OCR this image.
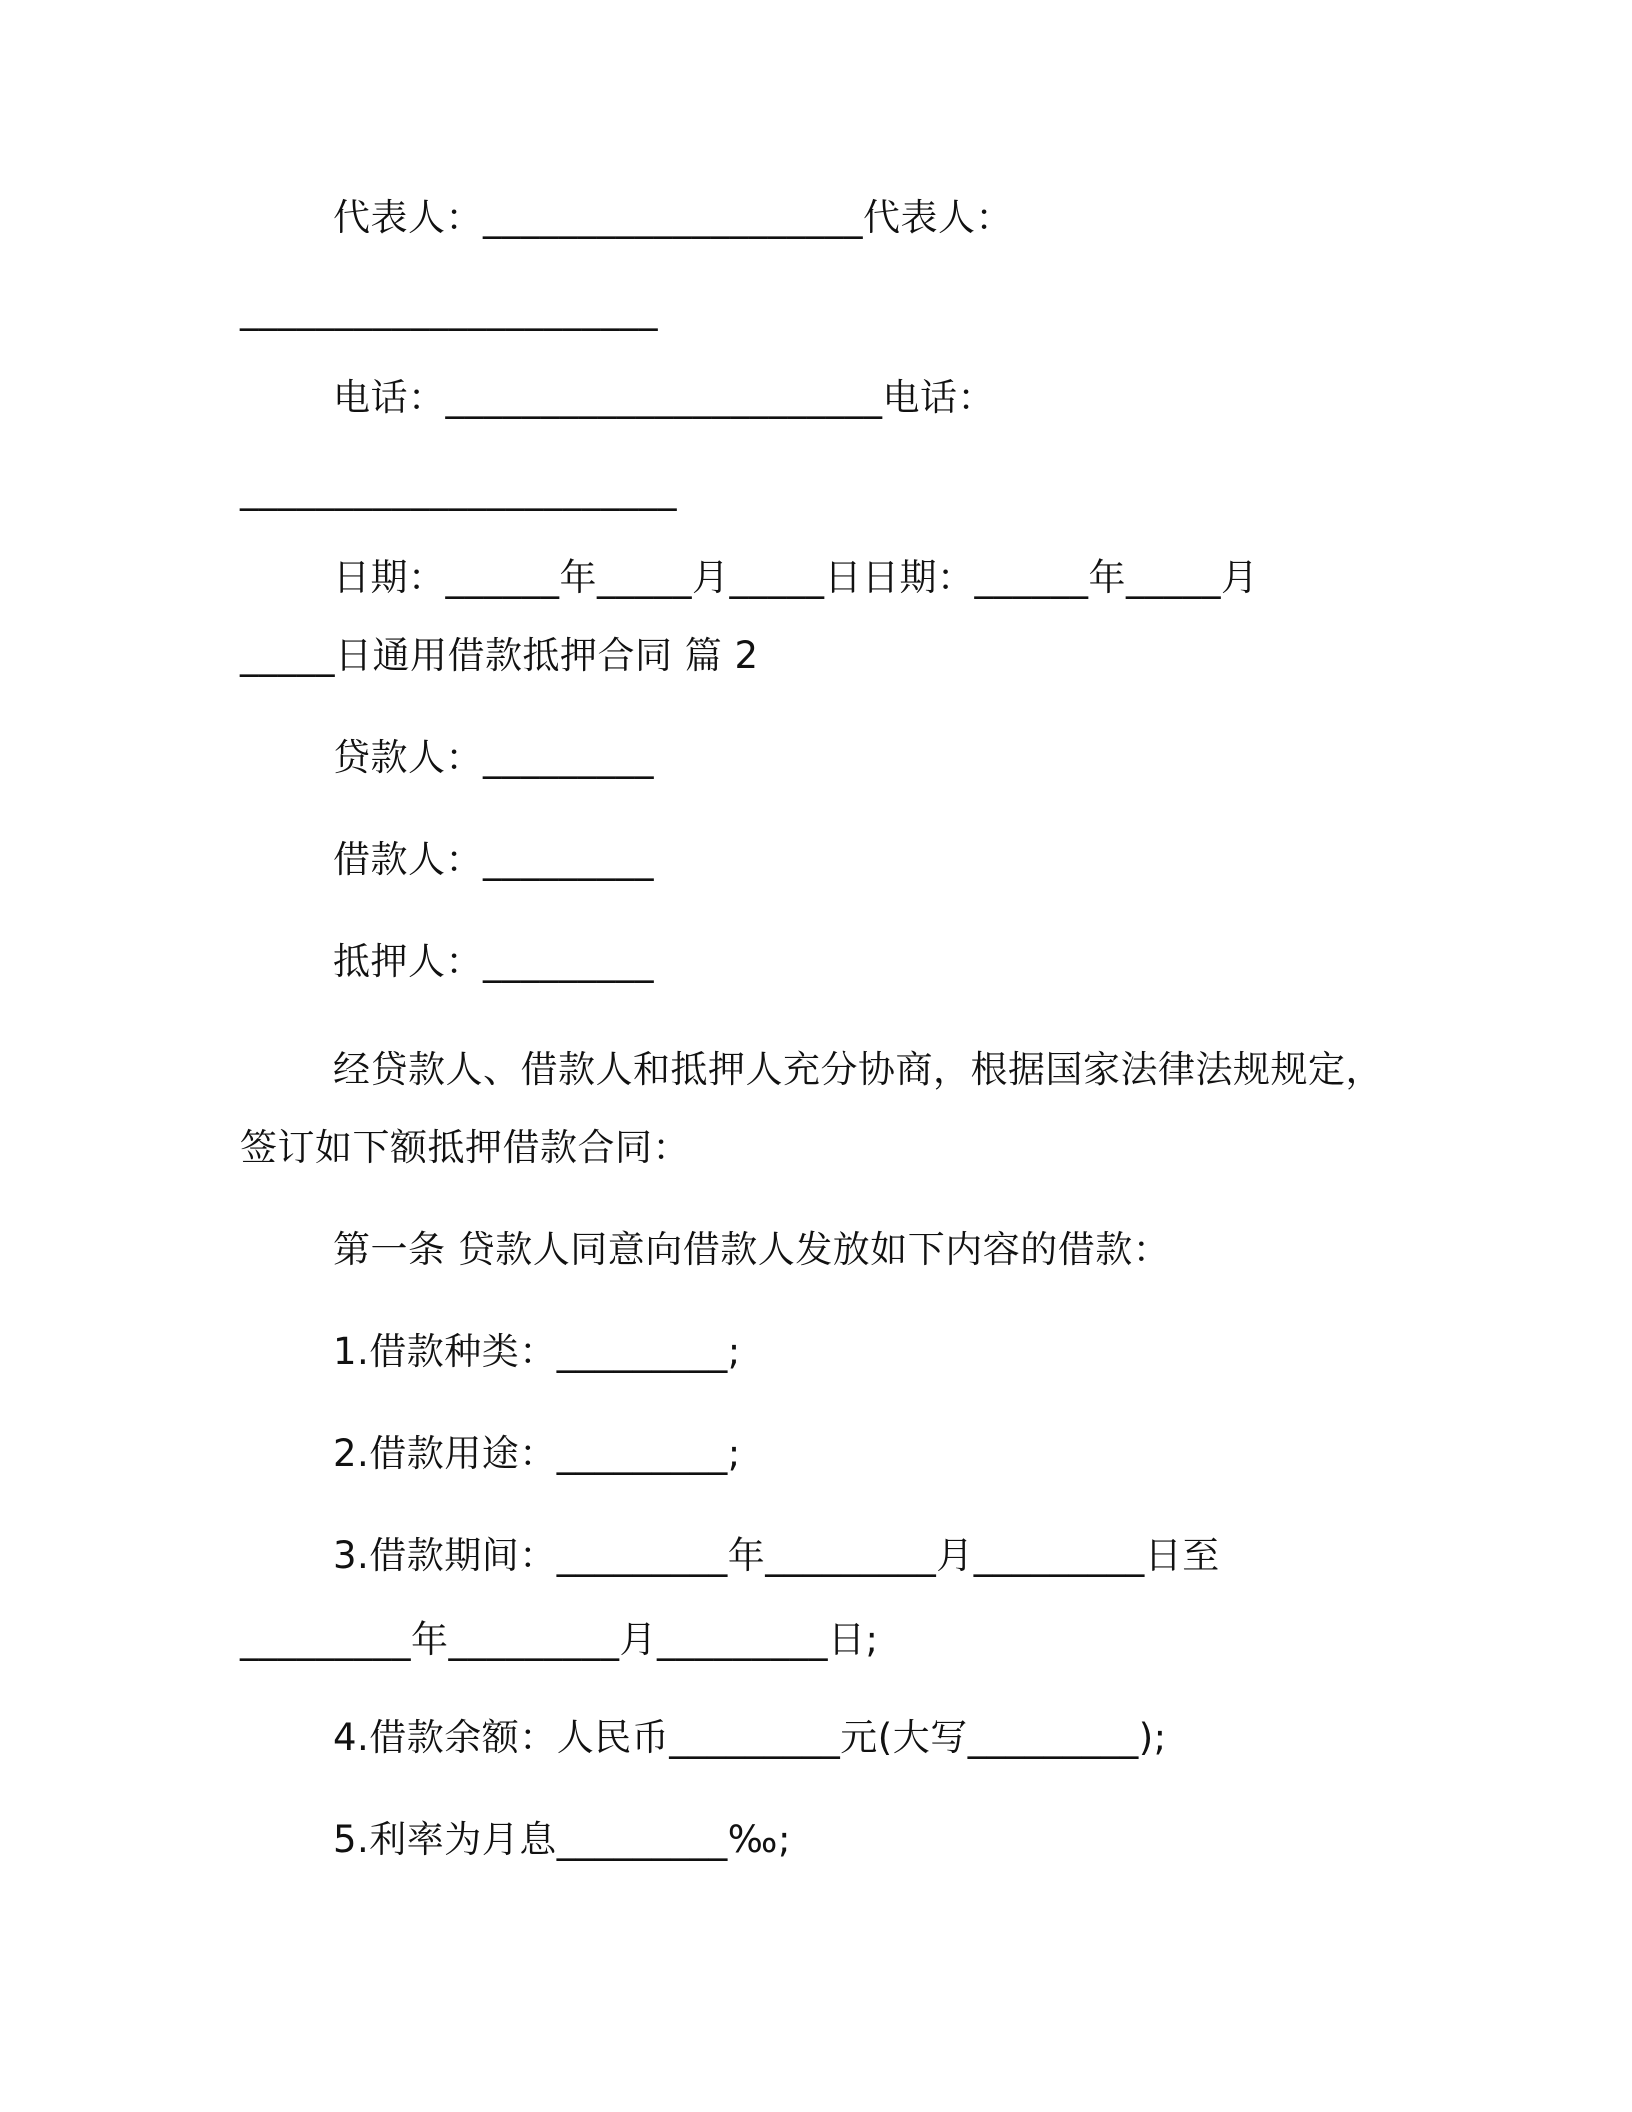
代表人：____________________代表人：
______________________
电话：_______________________电话：
_______________________
日期：______年_____月_____日日期：______年_____月
_____日通用借款抵押合同 篇 2
贷款人：_________
借款人：_________
抵押人：_________
经贷款人、借款人和抵押人充分协商，根据国家法律法规规定，
签订如下额抵押借款合同：
第一条 贷款人同意向借款人发放如下内容的借款：
1.借款种类：_________;
2.借款用途：_________;
3.借款期间：_________年_________月_________日至
_________年_________月_________日;
4.借款余额：人民币_________元(大写_________);
5.利率为月息_________‰;
